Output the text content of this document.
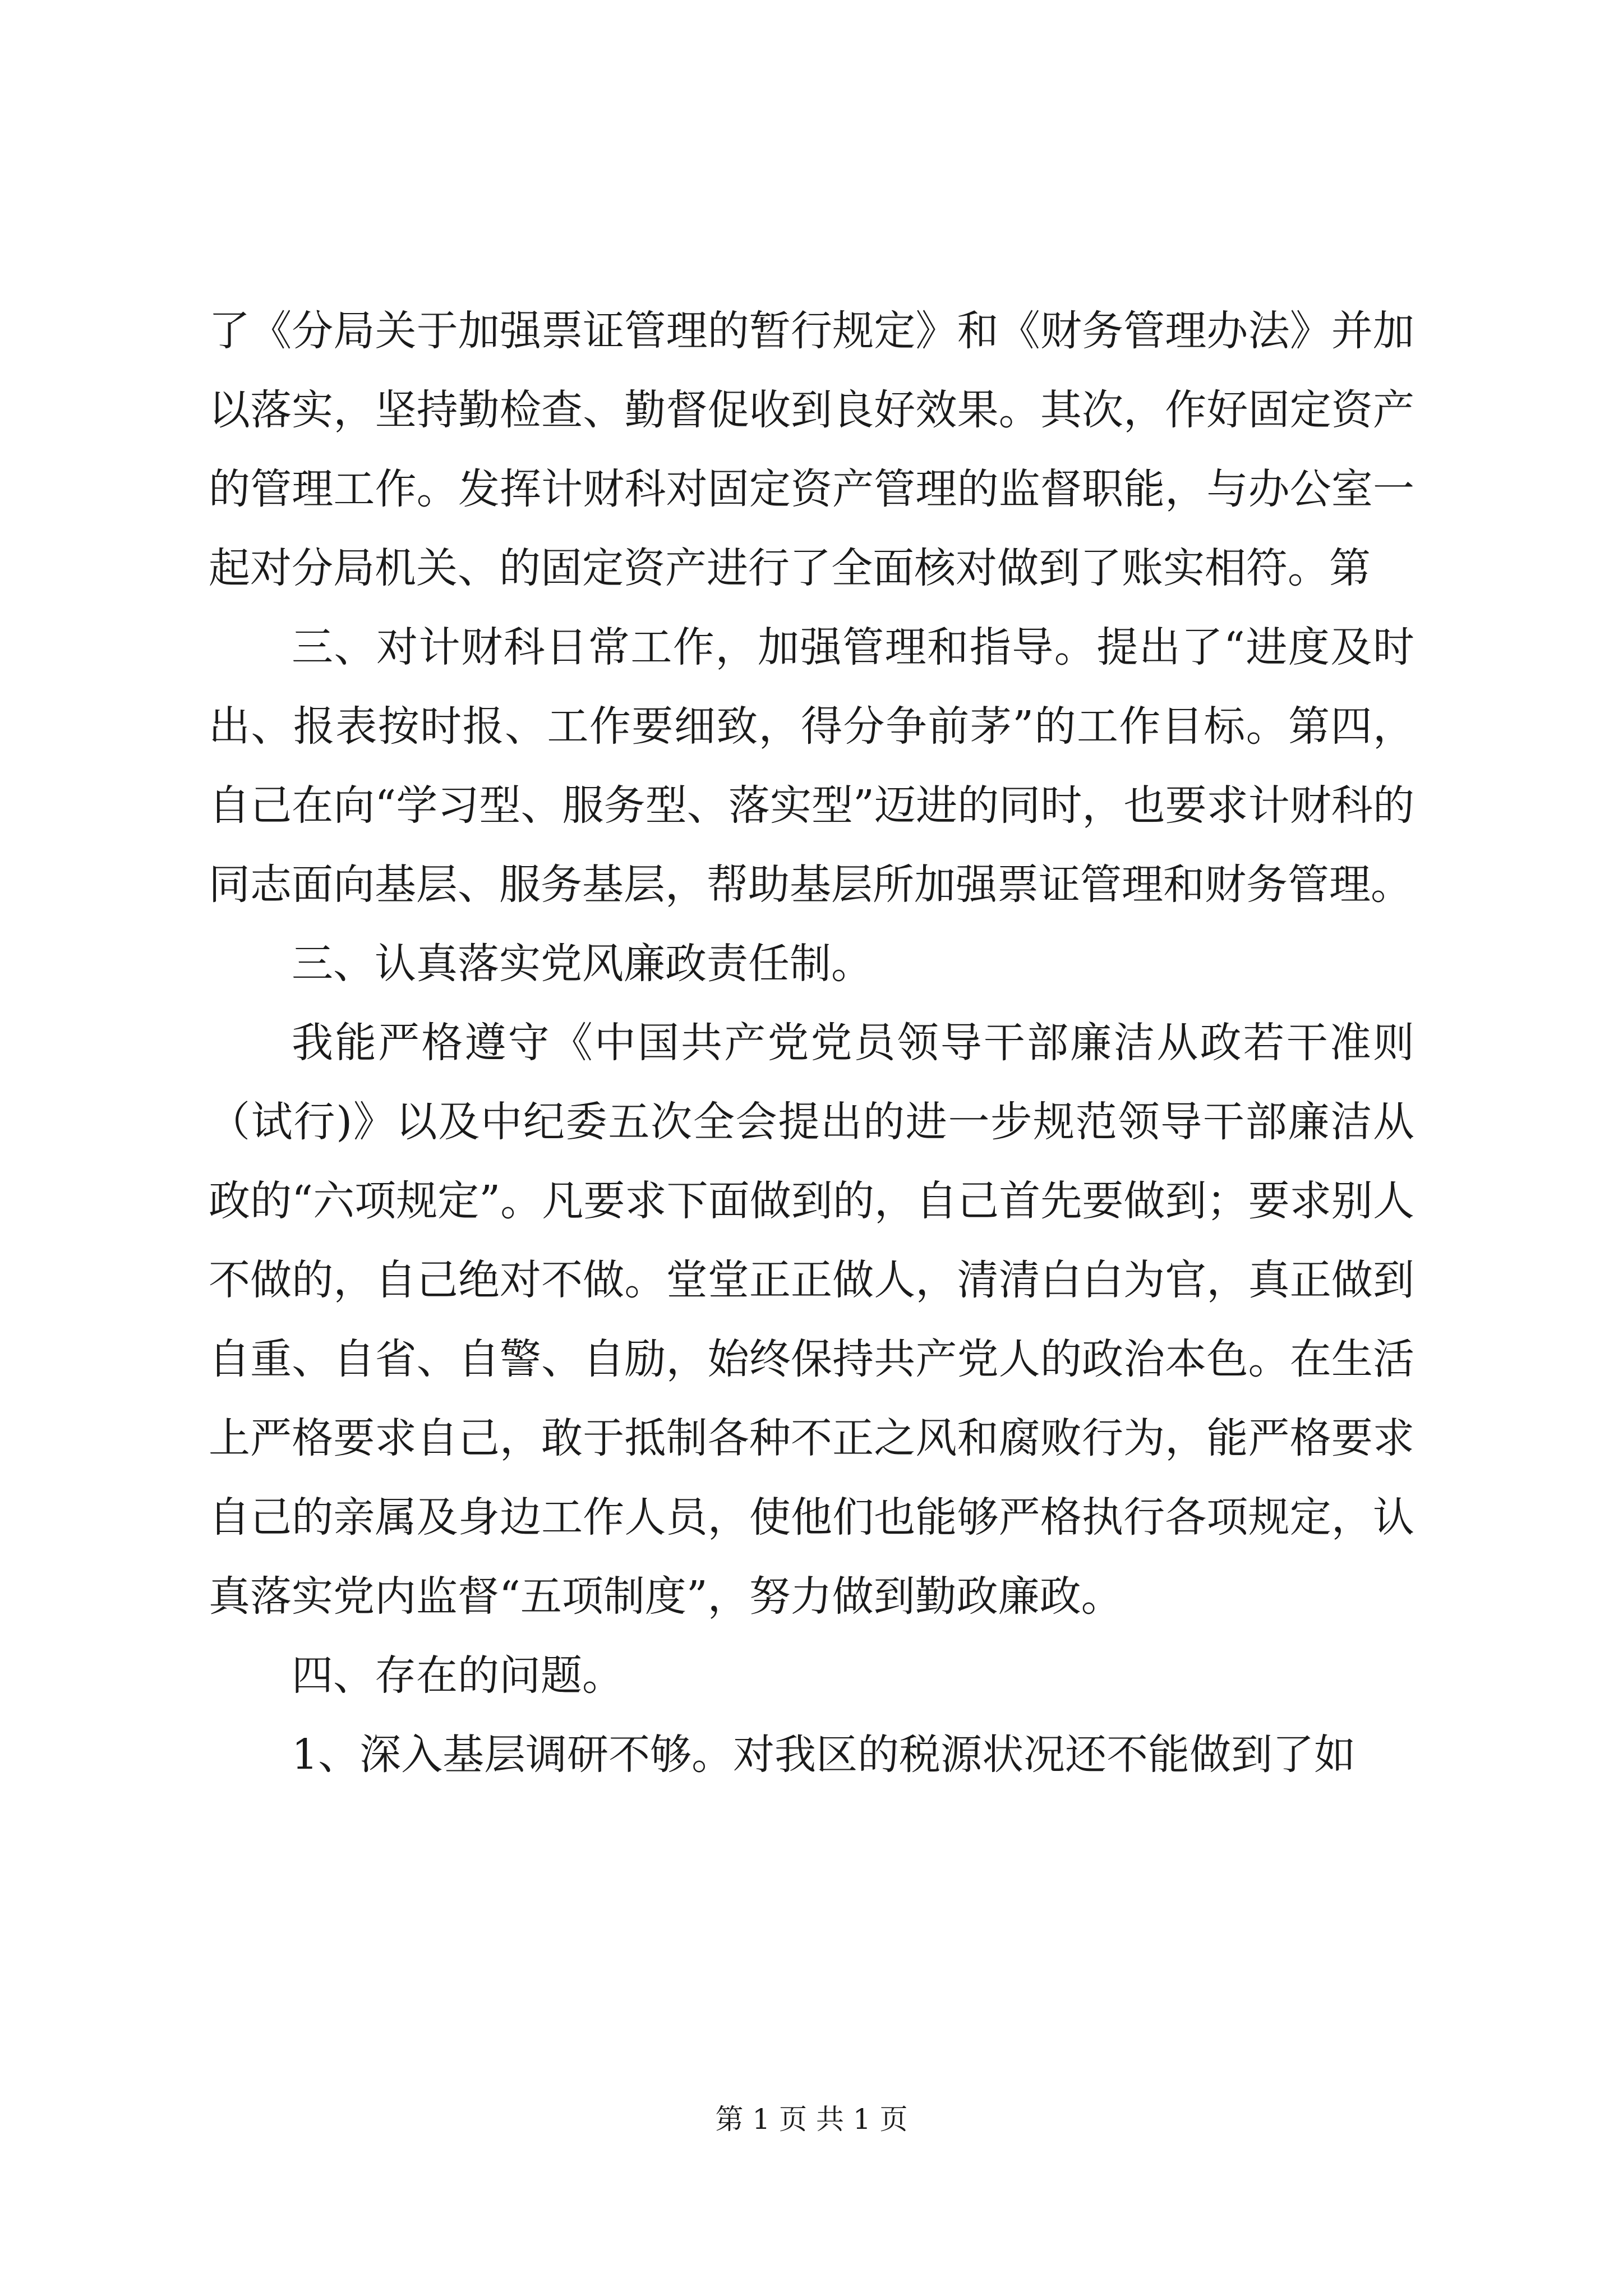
了《分局关于加强票证管理的暂行规定》和《财务管理办法》并加以落实，坚持勤检查、勤督促收到良好效果。其次，作好固定资产的管理工作。发挥计财科对固定资产管理的监督职能，与办公室一起对分局机关、的固定资产进行了全面核对做到了账实相符。第

三、对计财科日常工作，加强管理和指导。提出了“进度及时出、报表按时报、工作要细致，得分争前茅”的工作目标。第四，自己在向“学习型、服务型、落实型”迈进的同时，也要求计财科的同志面向基层、服务基层，帮助基层所加强票证管理和财务管理。

三、认真落实党风廉政责任制。

我能严格遵守《中国共产党党员领导干部廉洁从政若干准则（试行)》以及中纪委五次全会提出的进一步规范领导干部廉洁从政的“六项规定”。凡要求下面做到的，自己首先要做到；要求别人不做的，自己绝对不做。堂堂正正做人，清清白白为官，真正做到自重、自省、自警、自励，始终保持共产党人的政治本色。在生活上严格要求自己，敢于抵制各种不正之风和腐败行为，能严格要求自己的亲属及身边工作人员，使他们也能够严格执行各项规定，认真落实党内监督“五项制度”，努力做到勤政廉政。

四、存在的问题。

1、深入基层调研不够。对我区的税源状况还不能做到了如

第 1 页 共 1 页
